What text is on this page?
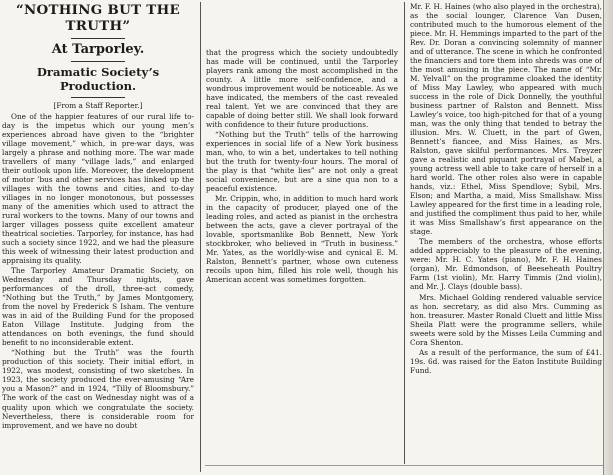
“NOTHING BUT THE
TRUTH”
At Tarporley.
Dramatic Society’s Production.
[From a Staff Reporter.]

One of the happier features of our rural life to-day is the impetus which our young men’s experiences abroad have given to the “brighter village movement,” which, in pre-war days, was largely a phrase and nothing more. The war made travellers of many “village lads,” and enlarged their outlook upon life. Moreover, the development of motor ’bus and other services has linked up the villages with the towns and cities, and to-day villages in no longer monotonous, but possesses many of the amenities which used to attract the rural workers to the towns. Many of our towns and larger villages possess quite excellent amateur theatrical societies. Tarporley, for instance, has had such a society since 1922, and we had the pleasure this week of witnessing their latest production and appraising its quality.

The Tarporley Amateur Dramatic Society, on Wednesday and Thursday nights, gave performances of the droll, three-act comedy, “Nothing but the Truth,” by James Montgomery, from the novel by Frederick S Isham. The venture was in aid of the Building Fund for the proposed Eaton Village Institute. Judging from the attendances on both evenings, the fund should benefit to no inconsiderable extent.

“Nothing but the Truth” was the fourth production of this society. Their initial effort, in 1922, was modest, consisting of two sketches. In 1923, the society produced the ever-amusing “Are you a Mason?” and in 1924, “Tilly of Bloomsbury.” The work of the cast on Wednesday night was of a quality upon which we congratulate the society. Nevertheless, there is considerable room for improvement, and we have no doubt

that the progress which the society undoubtedly has made will be continued, until the Tarporley players rank among the most accomplished in the county. A little more self-confidence, and a wondrous improvement would be noticeable. As we have indicated, the members of the cast revealed real talent. Yet we are convinced that they are capable of doing better still. We shall look forward with confidence to their future productions.

“Nothing but the Truth” tells of the harrowing experiences in social life of a New York business man, who, to win a bet, undertakes to tell nothing but the truth for twenty-four hours. The moral of the play is that “white lies” are not only a great social convenience, but are a sine qua non to a peaceful existence.

Mr. Crippin, who, in addition to much hard work in the capacity of producer, played one of the leading roles, and acted as pianist in the orchestra between the acts, gave a clever portrayal of the lovable, sportsmanlike Bob Bennett, New York stockbroker, who believed in “Truth in business.” Mr. Yates, as the worldly-wise and cynical E. M. Ralston, Bennett’s partner, whose own cuteness recoils upon him, filled his role well, though his American accent was sometimes forgotten.

Mr. F. H. Haines (who also played in the orchestra), as the social lounger, Clarence Van Dusen, contributed much to the humorous element of the piece. Mr. H. Hemmings imparted to the part of the Rev. Dr. Doran a convincing solemnity of manner and of utterance. The scene in which he confronted the financiers and tore them into shreds was one of the most amusing in the piece. The name of “Mr. M. Yelvall” on the programme cloaked the identity of Miss May Lawley, who appeared with much success in the role of Dick Donnelly, the youthful business partner of Ralston and Bennett. Miss Lawley’s voice, too high-pitched for that of a young man, was the only thing that tended to betray the illusion. Mrs. W. Cluett, in the part of Gwen, Bennett’s fiancee, and Miss Haines, as Mrs. Ralston, gave skilful performances. Mrs. Treyzer gave a realistic and piquant portrayal of Mabel, a young actress well able to take care of herself in a hard world. The other roles also were in capable hands, viz.: Ethel, Miss Spendlove; Sybil, Mrs. Elson; and Martha, a maid, Miss Smallshaw. Miss Lawley appeared for the first time in a leading role, and justified the compliment thus paid to her, while it was Miss Smallshaw’s first appearance on the stage.

The members of the orchestra, whose efforts added appreciably to the pleasure of the evening, were: Mr. H. C. Yates (piano), Mr. F. H. Haines (organ), Mr. Edmondson, of Beeseheath Poultry Farm (1st violin), Mr. Harry Timmis (2nd violin), and Mr. J. Clays (double bass).

Mrs. Michael Golding rendered valuable service as hon. secretary, as did also Mrs. Cumming as hon. treasurer. Master Ronald Cluett and little Miss Sheila Platt were the programme sellers, while sweets were sold by the Misses Leila Cumming and Cora Shenton.

As a result of the performance, the sum of £41. 19s. 6d. was raised for the Eaton Institute Building Fund.
